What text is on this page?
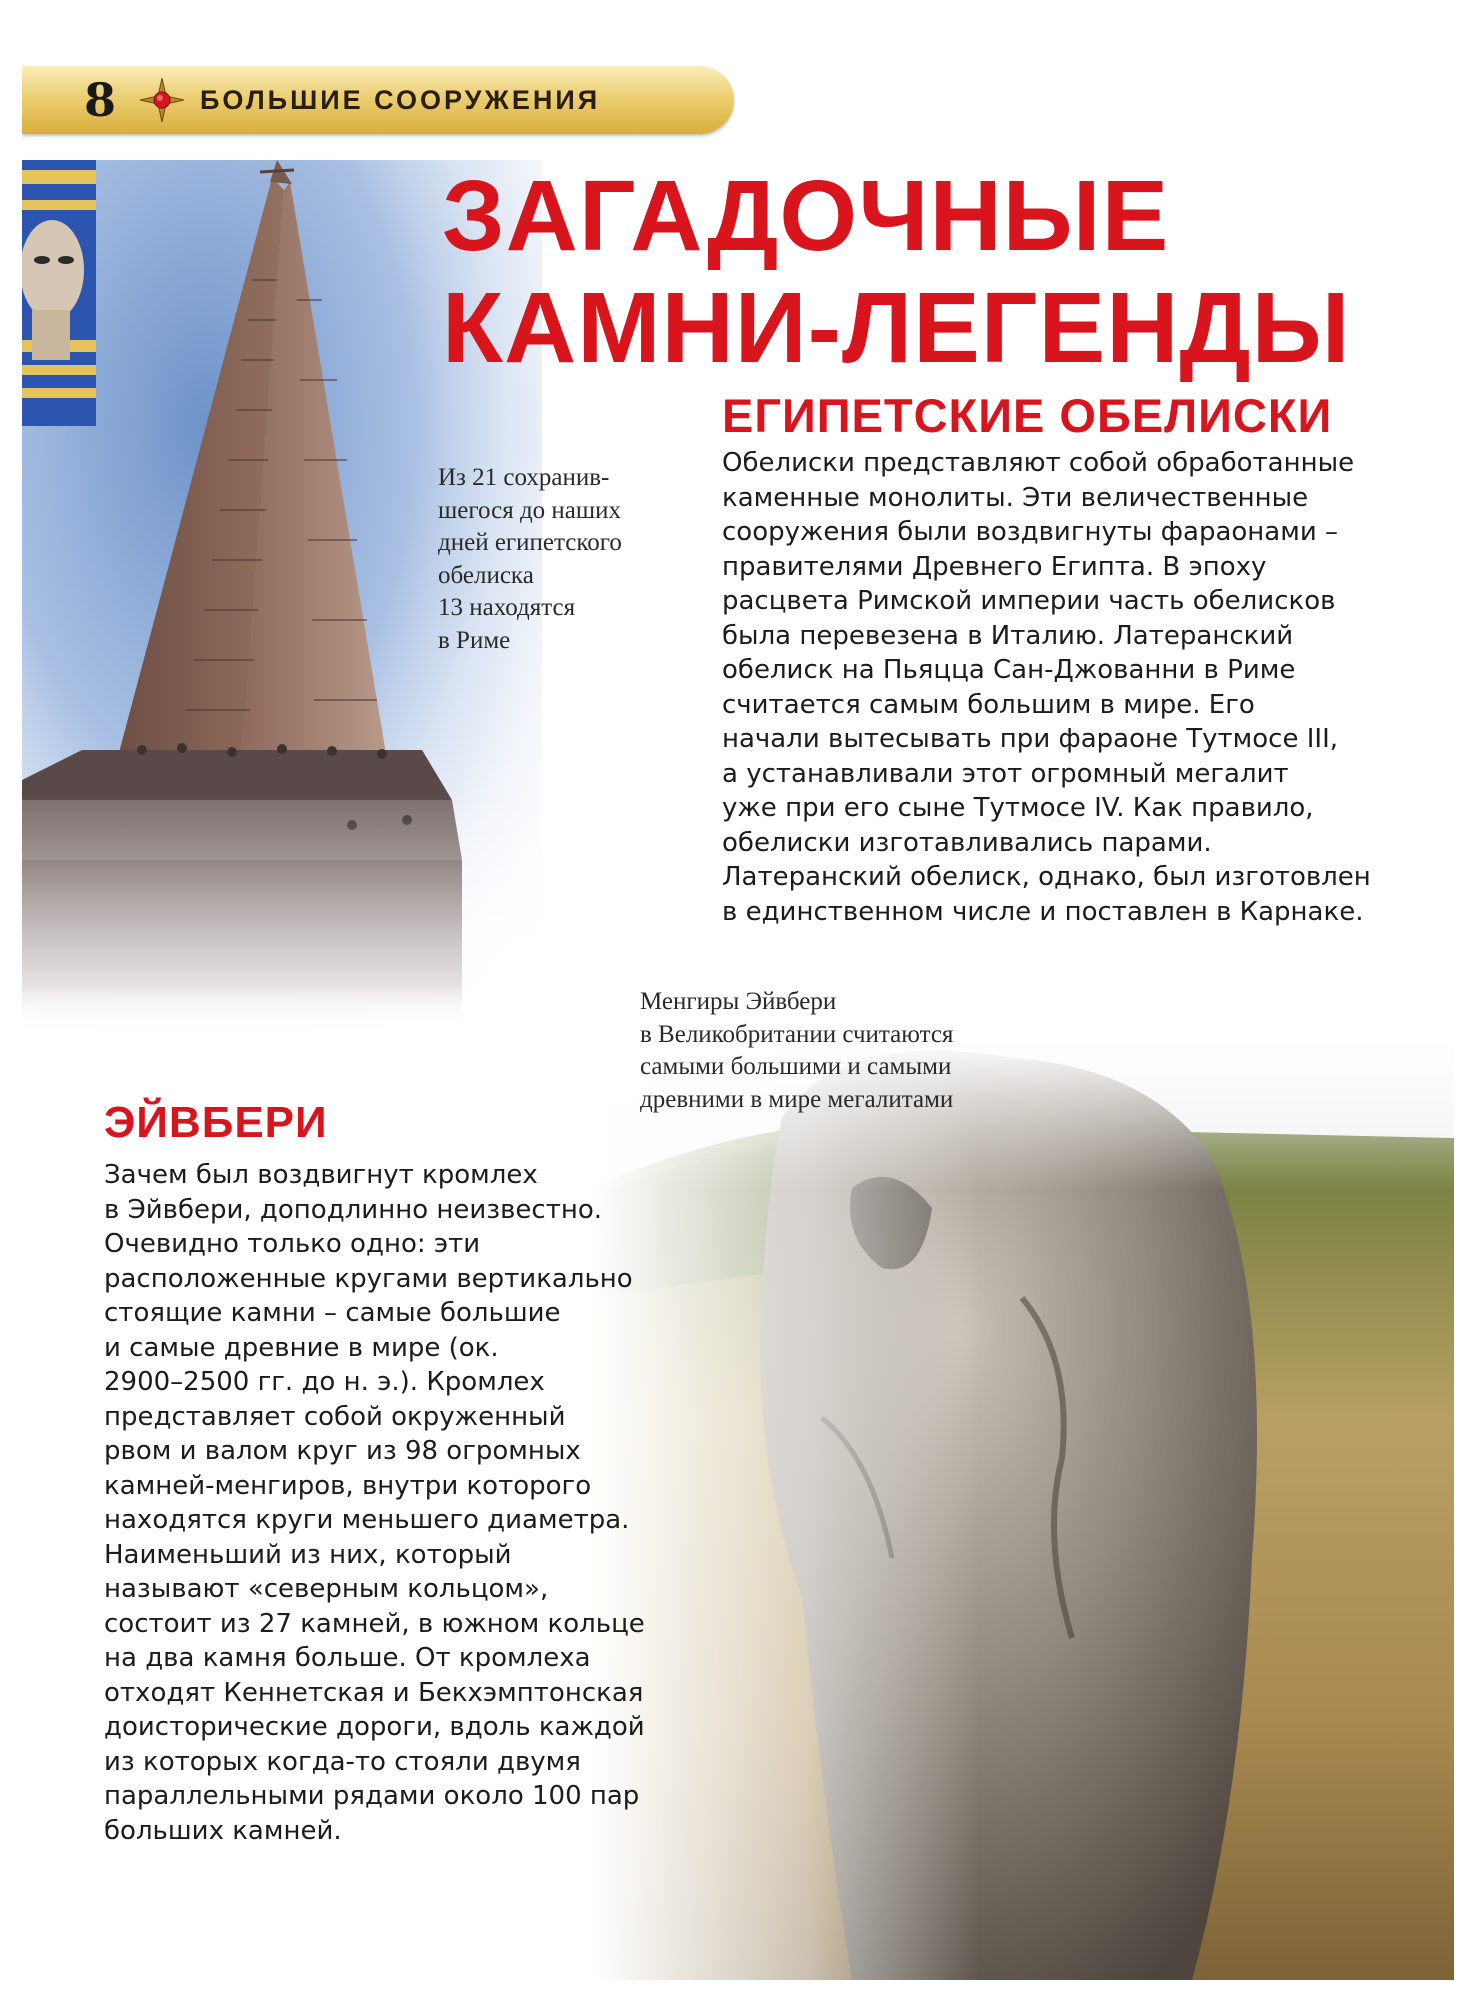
8	БОЛЬШИЕ СООРУЖЕНИЯ
ЗАГАДОЧНЫЕ
КАМНИ-ЛЕГЕНДЫ
ЕГИПЕТСКИЕ ОБЕЛИСКИ
Обелиски представляют собой обработанные
каменные монолиты. Эти величественные
сооружения были воздвигнуты фараонами –
правителями Древнего Египта. В эпоху
расцвета Римской империи часть обелисков
была перевезена в Италию. Латеранский
обелиск на Пьяцца Сан-Джованни в Риме
считается самым большим в мире. Его
начали вытесывать при фараоне Тутмосе III,
а устанавливали этот огромный мегалит
уже при его сыне Тутмосе IV. Как правило,
обелиски изготавливались парами.
Латеранский обелиск, однако, был изготовлен
в единственном числе и поставлен в Карнаке.
Из 21 сохранив-
шегося до наших
дней египетского
обелиска
13 находятся
в Риме
Менгиры Эйвбери
в Великобритании считаются
самыми большими и самыми
древними в мире мегалитами
ЭЙВБЕРИ
Зачем был воздвигнут кромлех
в Эйвбери, доподлинно неизвестно.
Очевидно только одно: эти
расположенные кругами вертикально
стоящие камни – самые большие
и самые древние в мире (ок.
2900–2500 гг. до н. э.). Кромлех
представляет собой окруженный
рвом и валом круг из 98 огромных
камней-менгиров, внутри которого
находятся круги меньшего диаметра.
Наименьший из них, который
называют «северным кольцом»,
состоит из 27 камней, в южном кольце
на два камня больше. От кромлеха
отходят Кеннетская и Бекхэмптонская
доисторические дороги, вдоль каждой
из которых когда-то стояли двумя
параллельными рядами около 100 пар
больших камней.
